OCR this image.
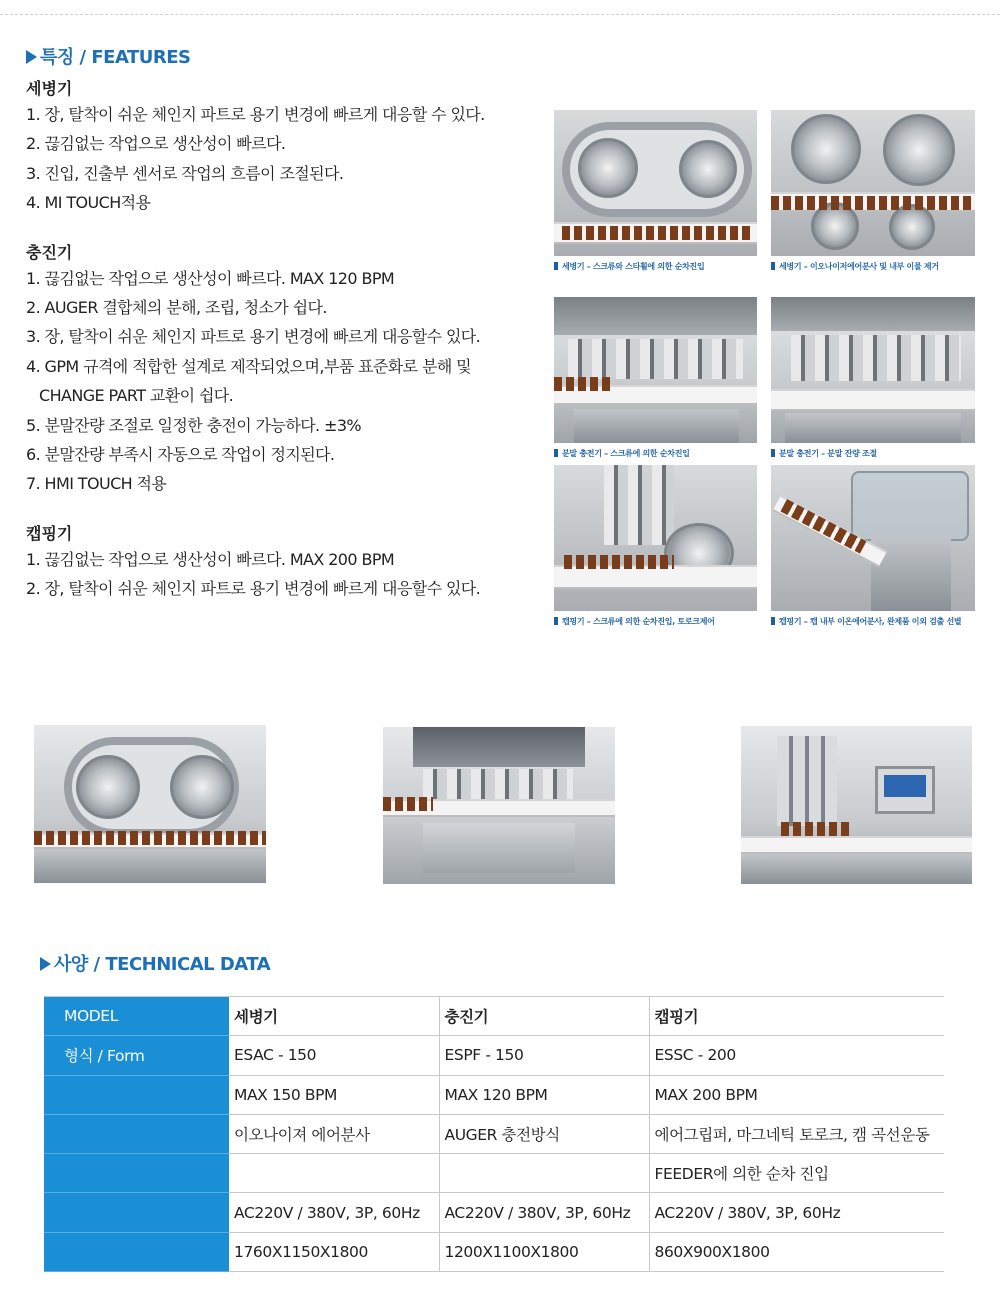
특징 / FEATURES
세병기
1. 장, 탈착이 쉬운 체인지 파트로 용기 변경에 빠르게 대응할 수 있다.
2. 끊김없는 작업으로 생산성이 빠르다.
3. 진입, 진출부 센서로 작업의 흐름이 조절된다.
4. MI TOUCH적용
충진기
1. 끊김없는 작업으로 생산성이 빠르다. MAX 120 BPM
2. AUGER 결합체의 분해, 조립, 청소가 쉽다.
3. 장, 탈착이 쉬운 체인지 파트로 용기 변경에 빠르게 대응할수 있다.
4. GPM 규격에 적합한 설계로 제작되었으며,부품 표준화로 분해 및
CHANGE PART 교환이 쉽다.
5. 분말잔량 조절로 일정한 충전이 가능하다. ±3%
6. 분말잔량 부족시 자동으로 작업이 정지된다.
7. HMI TOUCH 적용
캡핑기
1. 끊김없는 작업으로 생산성이 빠르다. MAX 200 BPM
2. 장, 탈착이 쉬운 체인지 파트로 용기 변경에 빠르게 대응할수 있다.
세병기 – 스크류와 스타휠에 의한 순차진입	세병기 – 이오나이저에어분사 및 내부 이물 제거
분말 충전기 – 스크류에 의한 순차진입	분말 충전기 – 분말 잔량 조절
캡핑기 – 스크류에 의한 순차진입, 토로크제어	캡핑기 – 캡 내부 이온에어분사, 완제품 이외 검출 선별
사양 / TECHNICAL DATA
MODEL	세병기	충진기	캡핑기
형식 / Form	ESAC - 150	ESPF - 150	ESSC - 200
	MAX 150 BPM	MAX 120 BPM	MAX 200 BPM
	이오나이져 에어분사	AUGER 충전방식	에어그립퍼, 마그네틱 토로크, 캠 곡선운동
			FEEDER에 의한 순차 진입
	AC220V / 380V, 3P, 60Hz	AC220V / 380V, 3P, 60Hz	AC220V / 380V, 3P, 60Hz
	1760X1150X1800	1200X1100X1800	860X900X1800
